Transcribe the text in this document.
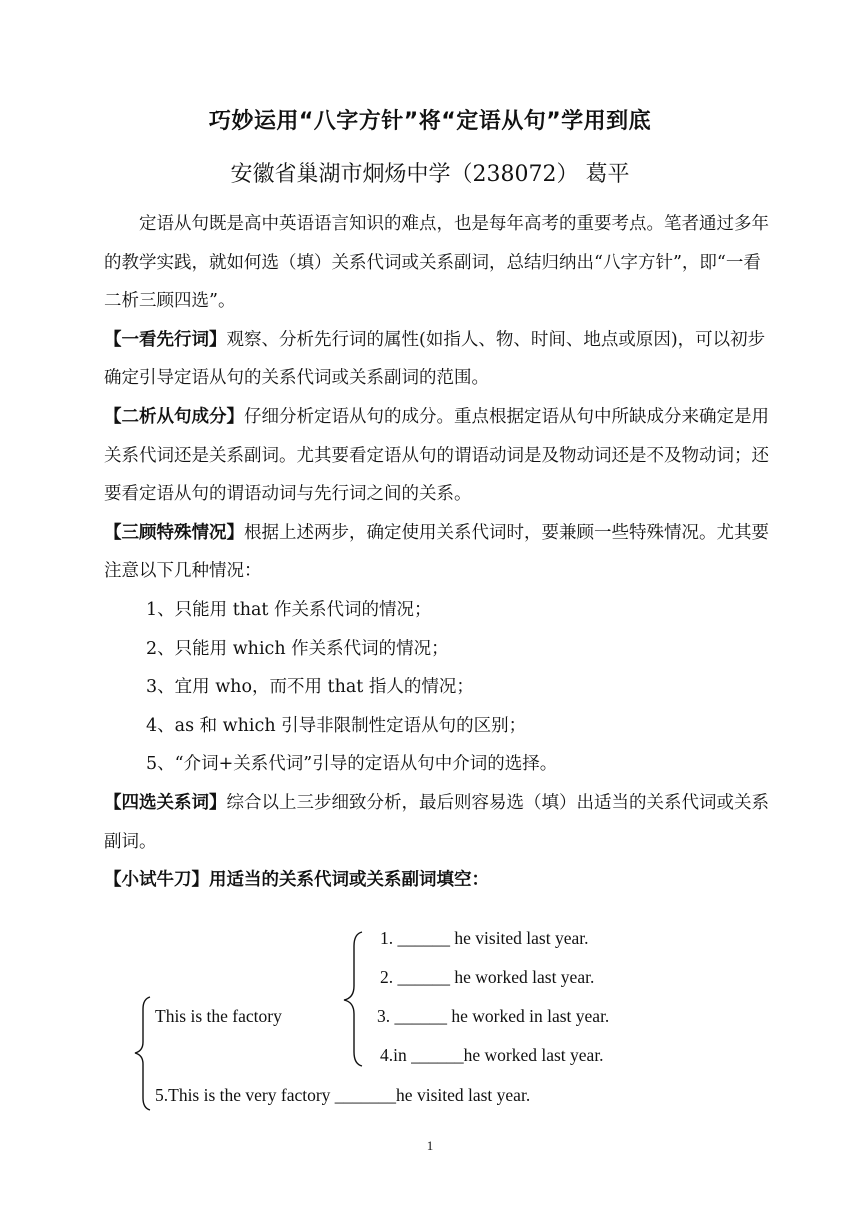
巧妙运用“八字方针”将“定语从句”学用到底
安徽省巢湖市炯炀中学（238072） 葛平

定语从句既是高中英语语言知识的难点，也是每年高考的重要考点。笔者通过多年的教学实践，就如何选（填）关系代词或关系副词，总结归纳出“八字方针”，即“一看二析三顾四选”。

【一看先行词】观察、分析先行词的属性(如指人、物、时间、地点或原因)，可以初步确定引导定语从句的关系代词或关系副词的范围。

【二析从句成分】仔细分析定语从句的成分。重点根据定语从句中所缺成分来确定是用关系代词还是关系副词。尤其要看定语从句的谓语动词是及物动词还是不及物动词；还要看定语从句的谓语动词与先行词之间的关系。

【三顾特殊情况】根据上述两步，确定使用关系代词时，要兼顾一些特殊情况。尤其要注意以下几种情况：

1、只能用 that 作关系代词的情况；

2、只能用 which 作关系代词的情况；

3、宜用 who，而不用 that 指人的情况；

4、as 和 which 引导非限制性定语从句的区别；

5、“介词+关系代词”引导的定语从句中介词的选择。

【四选关系词】综合以上三步细致分析，最后则容易选（填）出适当的关系代词或关系副词。

【小试牛刀】用适当的关系代词或关系副词填空：

1. ______ he visited last year.
2. ______ he worked last year.
This is the factory	3. ______ he worked in last year.
4.in ______he worked last year.
5.This is the very factory _______he visited last year.
1
